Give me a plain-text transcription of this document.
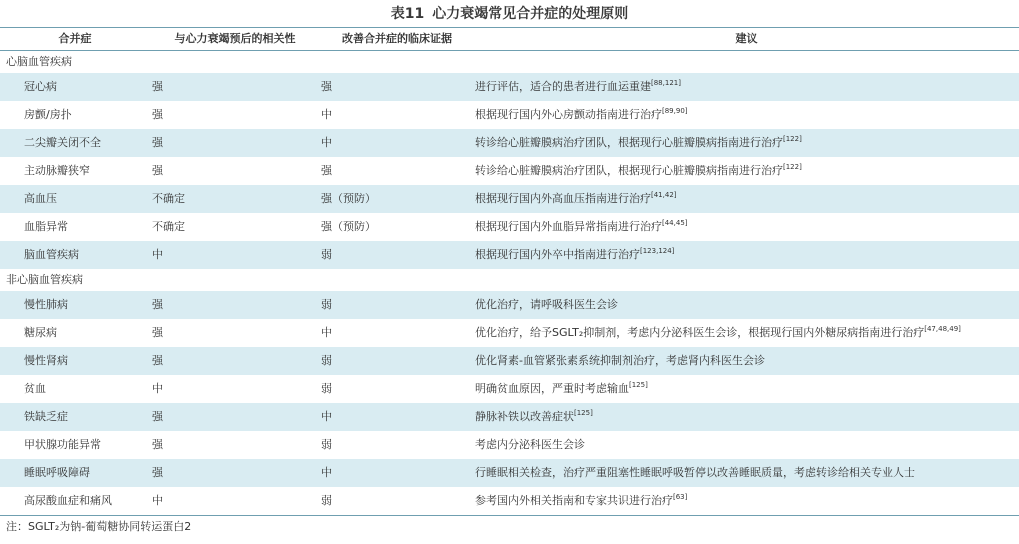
表11 心力衰竭常见合并症的处理原则
合并症	与心力衰竭预后的相关性	改善合并症的临床证据	建议
心脑血管疾病
冠心病	强	强	进行评估，适合的患者进行血运重建[88,121]
房颤/房扑	强	中	根据现行国内外心房颤动指南进行治疗[89,90]
二尖瓣关闭不全	强	中	转诊给心脏瓣膜病治疗团队，根据现行心脏瓣膜病指南进行治疗[122]
主动脉瓣狭窄	强	强	转诊给心脏瓣膜病治疗团队，根据现行心脏瓣膜病指南进行治疗[122]
高血压	不确定	强（预防）	根据现行国内外高血压指南进行治疗[41,42]
血脂异常	不确定	强（预防）	根据现行国内外血脂异常指南进行治疗[44,45]
脑血管疾病	中	弱	根据现行国内外卒中指南进行治疗[123,124]
非心脑血管疾病
慢性肺病	强	弱	优化治疗，请呼吸科医生会诊
糖尿病	强	中	优化治疗，给予SGLT₂抑制剂，考虑内分泌科医生会诊，根据现行国内外糖尿病指南进行治疗[47,48,49]
慢性肾病	强	弱	优化肾素-血管紧张素系统抑制剂治疗，考虑肾内科医生会诊
贫血	中	弱	明确贫血原因，严重时考虑输血[125]
铁缺乏症	强	中	静脉补铁以改善症状[125]
甲状腺功能异常	强	弱	考虑内分泌科医生会诊
睡眠呼吸障碍	强	中	行睡眠相关检查，治疗严重阻塞性睡眠呼吸暂停以改善睡眠质量，考虑转诊给相关专业人士
高尿酸血症和痛风	中	弱	参考国内外相关指南和专家共识进行治疗[63]
注：SGLT₂为钠-葡萄糖协同转运蛋白2
